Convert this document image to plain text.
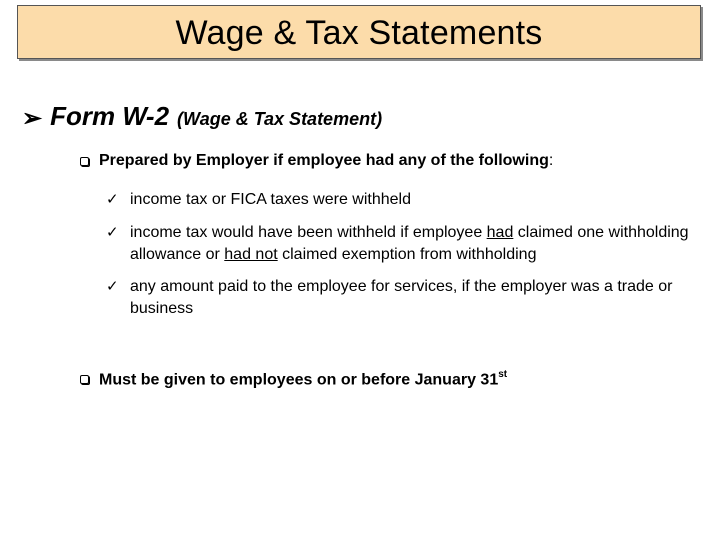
Wage & Tax Statements
➢ Form W-2 (Wage & Tax Statement)
Prepared by Employer if employee had any of the following:
✓ income tax or FICA taxes were withheld
✓ income tax would have been withheld if employee had claimed one withholding allowance or had not claimed exemption from withholding
✓ any amount paid to the employee for services, if the employer was a trade or business
Must be given to employees on or before January 31st
